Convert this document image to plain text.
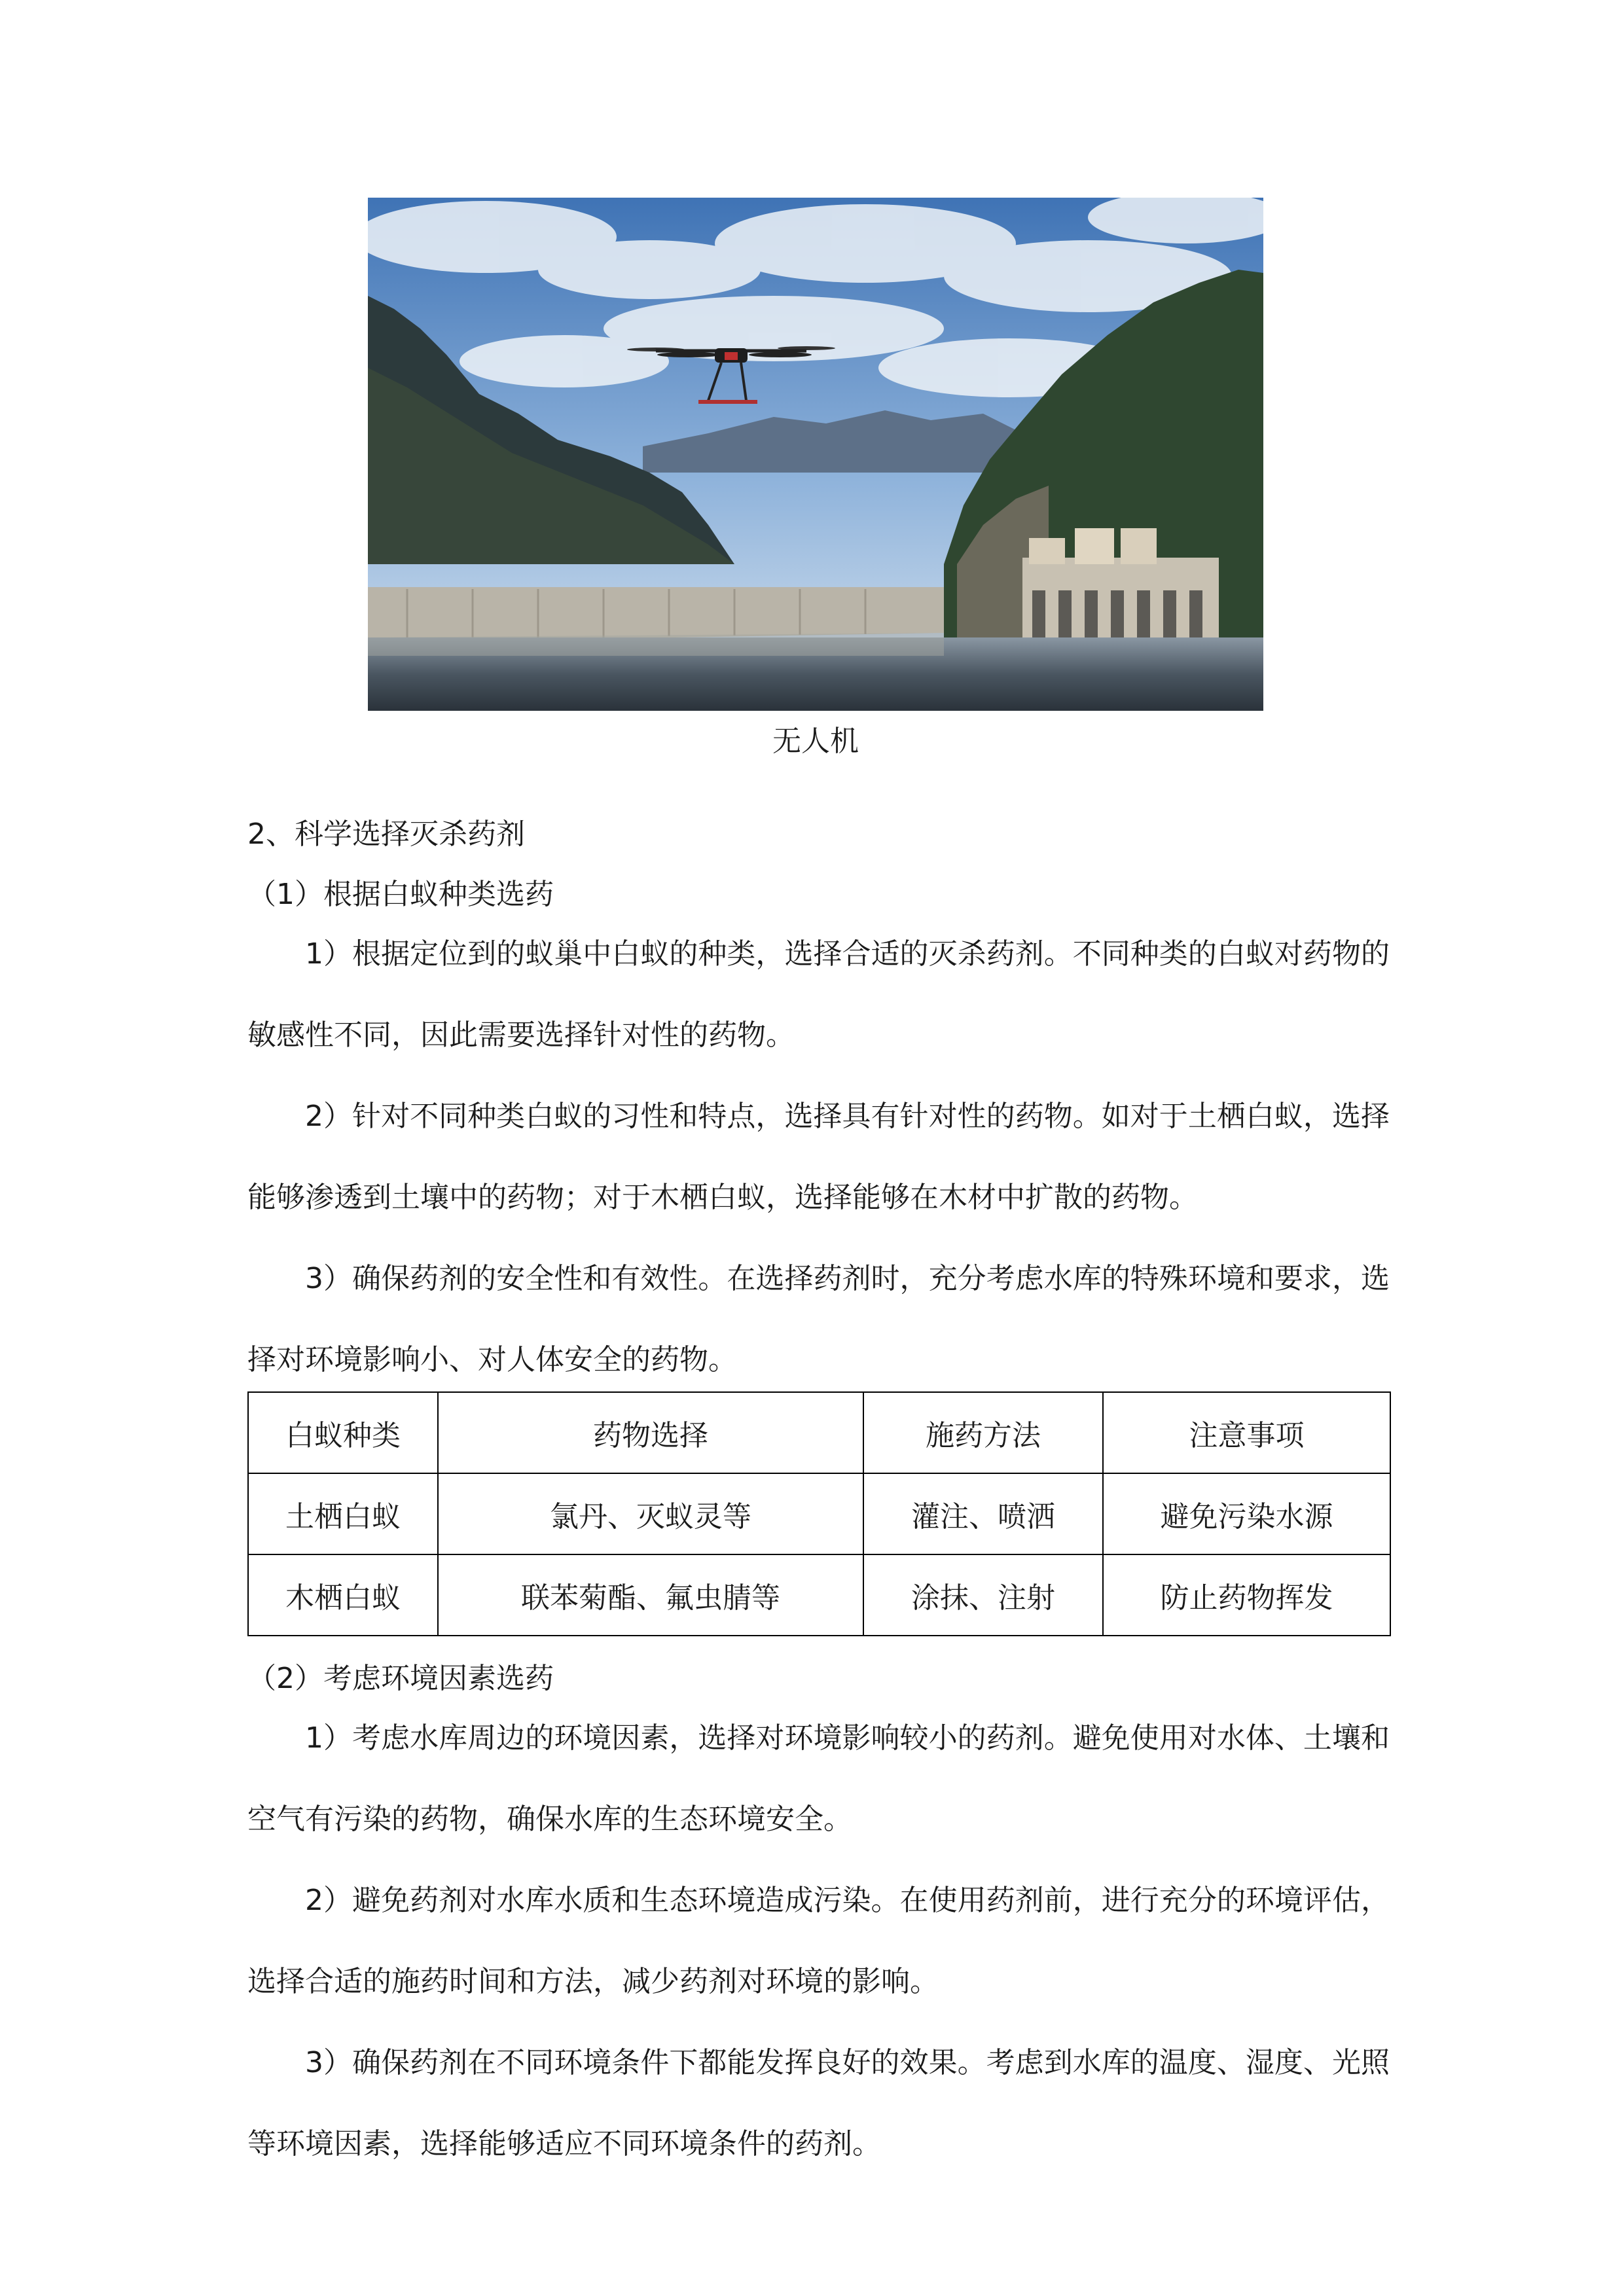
无人机
2、科学选择灭杀药剂
（1）根据白蚁种类选药

1）根据定位到的蚁巢中白蚁的种类，选择合适的灭杀药剂。不同种类的白蚁对药物的敏感性不同，因此需要选择针对性的药物。

2）针对不同种类白蚁的习性和特点，选择具有针对性的药物。如对于土栖白蚁，选择能够渗透到土壤中的药物；对于木栖白蚁，选择能够在木材中扩散的药物。

3）确保药剂的安全性和有效性。在选择药剂时，充分考虑水库的特殊环境和要求，选择对环境影响小、对人体安全的药物。

白蚁种类	药物选择	施药方法	注意事项
土栖白蚁	氯丹、灭蚁灵等	灌注、喷洒	避免污染水源
木栖白蚁	联苯菊酯、氟虫腈等	涂抹、注射	防止药物挥发
（2）考虑环境因素选药

1）考虑水库周边的环境因素，选择对环境影响较小的药剂。避免使用对水体、土壤和空气有污染的药物，确保水库的生态环境安全。

2）避免药剂对水库水质和生态环境造成污染。在使用药剂前，进行充分的环境评估，选择合适的施药时间和方法，减少药剂对环境的影响。

3）确保药剂在不同环境条件下都能发挥良好的效果。考虑到水库的温度、湿度、光照等环境因素，选择能够适应不同环境条件的药剂。
